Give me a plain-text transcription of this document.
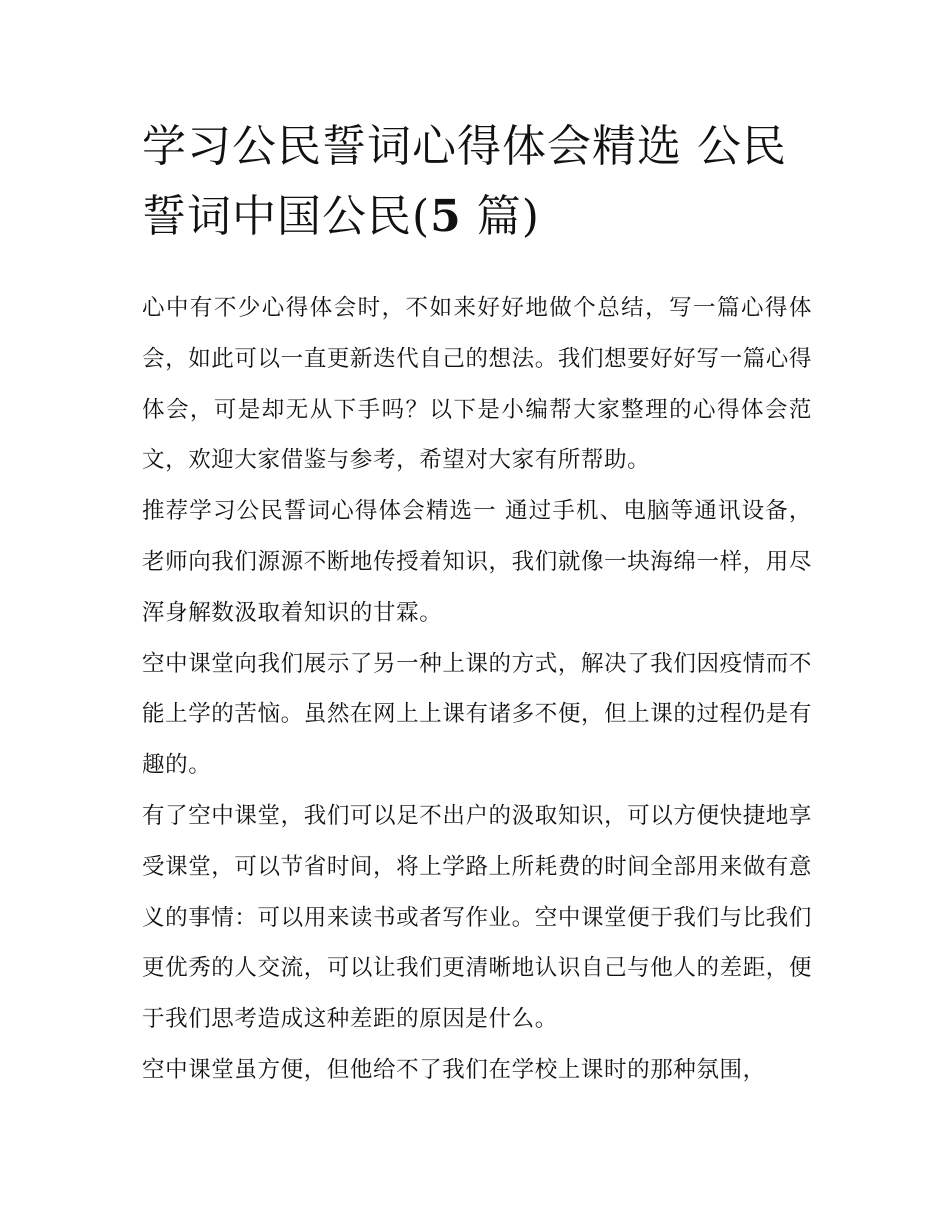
学习公民誓词心得体会精选 公民誓词中国公民(5 篇)

心中有不少心得体会时，不如来好好地做个总结，写一篇心得体会，如此可以一直更新迭代自己的想法。我们想要好好写一篇心得体会，可是却无从下手吗？以下是小编帮大家整理的心得体会范文，欢迎大家借鉴与参考，希望对大家有所帮助。

推荐学习公民誓词心得体会精选一 通过手机、电脑等通讯设备，老师向我们源源不断地传授着知识，我们就像一块海绵一样，用尽浑身解数汲取着知识的甘霖。

空中课堂向我们展示了另一种上课的方式，解决了我们因疫情而不能上学的苦恼。虽然在网上上课有诸多不便，但上课的过程仍是有趣的。

有了空中课堂，我们可以足不出户的汲取知识，可以方便快捷地享受课堂，可以节省时间，将上学路上所耗费的时间全部用来做有意义的事情：可以用来读书或者写作业。空中课堂便于我们与比我们更优秀的人交流，可以让我们更清晰地认识自己与他人的差距，便于我们思考造成这种差距的原因是什么。

空中课堂虽方便，但他给不了我们在学校上课时的那种氛围，
